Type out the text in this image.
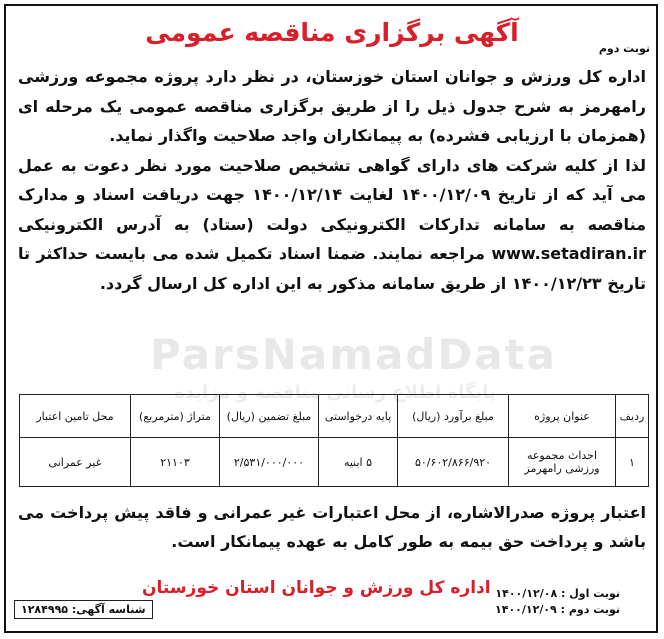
ParsNamadData
پایگاه اطلاع رسانی مناقصه و مزایده
آگهی برگزاری مناقصه عمومی
نوبت دوم

اداره کل ورزش و جوانان استان خوزستان، در نظر دارد پروژه مجموعه ورزشی رامهرمز به شرح جدول ذیل را از طریق برگزاری مناقصه عمومی یک مرحله ای (همزمان با ارزیابی فشرده) به پیمانکاران واجد صلاحیت واگذار نماید.

لذا از کلیه شرکت های دارای گواهی تشخیص صلاحیت مورد نظر دعوت به عمل می آید که از تاریخ ۱۴۰۰/۱۲/۰۹ لغایت ۱۴۰۰/۱۲/۱۴ جهت دریافت اسناد و مدارک مناقصه به سامانه تدارکات الکترونیکی دولت (ستاد) به آدرس الکترونیکی www.setadiran.ir مراجعه نمایند. ضمنا اسناد تکمیل شده می بایست حداکثر تا تاریخ ۱۴۰۰/۱۲/۲۳ از طریق سامانه مذکور به این اداره کل ارسال گردد.

ردیف	عنوان پروژه	مبلغ برآورد (ریال)	پایه درخواستی	مبلغ تضمین (ریال)	متراژ (مترمربع)	محل تامین اعتبار
۱	احداث مجموعه ورزشی رامهرمز	۵۰/۶۰۲/۸۶۶/۹۲۰	۵ ابنیه	۲/۵۳۱/۰۰۰/۰۰۰	۲۱۱۰۳	غیر عمرانی

اعتبار پروژه صدرالاشاره، از محل اعتبارات غیر عمرانی و فاقد پیش پرداخت می باشد و پرداخت حق بیمه به طور کامل به عهده پیمانکار است.

اداره کل ورزش و جوانان استان خوزستان نوبت اول : ۱۴۰۰/۱۲/۰۸
نوبت دوم : ۱۴۰۰/۱۲/۰۹
شناسه آگهی: ۱۲۸۴۹۹۵
